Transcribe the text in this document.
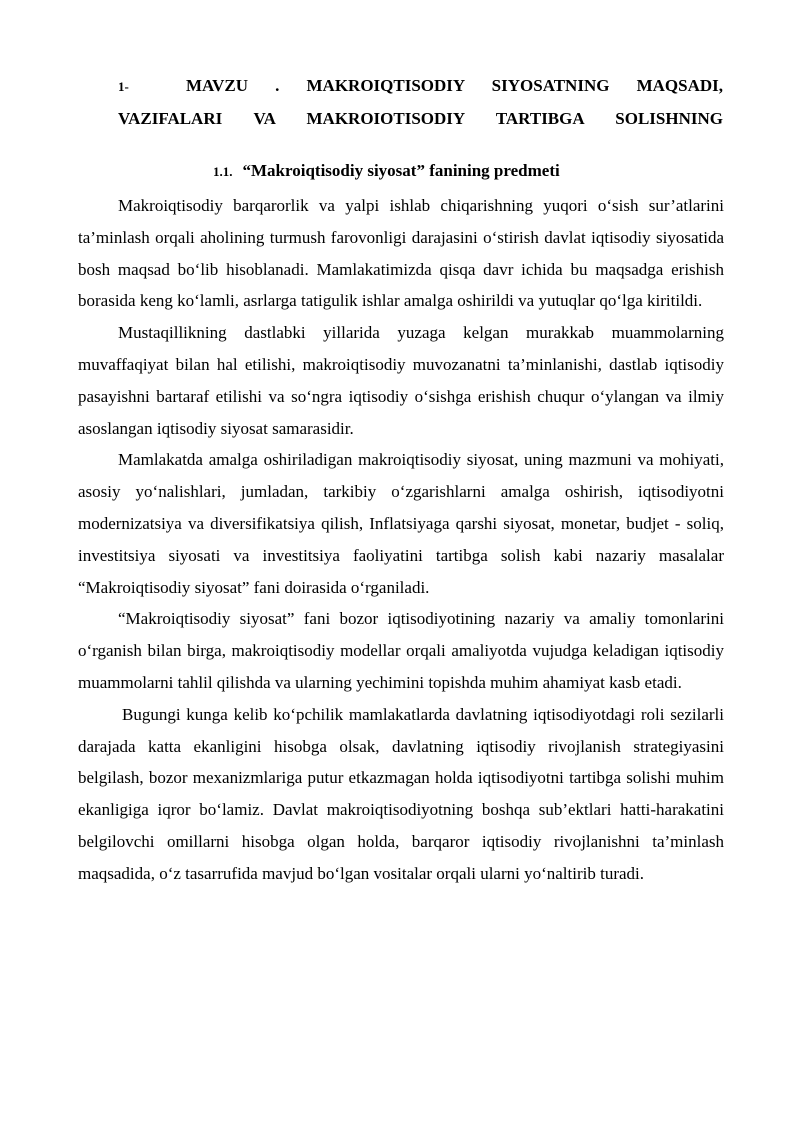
1-	MAVZU . MAKROIQTISODIY SIYOSATNING MAQSADI,
VAZIFALARI VA MAKROIOTISODIY TARTIBGA SOLISHNING
1.1. “Makroiqtisodiy siyosat” fanining predmeti

Makroiqtisodiy barqarorlik va yalpi ishlab chiqarishning yuqori o‘sish sur’atlarini ta’minlash orqali aholining turmush farovonligi darajasini o‘stirish davlat iqtisodiy siyosatida bosh maqsad bo‘lib hisoblanadi. Mamlakatimizda qisqa davr ichida bu maqsadga erishish borasida keng ko‘lamli, asrlarga tatigulik ishlar amalga oshirildi va yutuqlar qo‘lga kiritildi.

Mustaqillikning dastlabki yillarida yuzaga kelgan murakkab muammolarning muvaffaqiyat bilan hal etilishi, makroiqtisodiy muvozanatni ta’minlanishi, dastlab iqtisodiy pasayishni bartaraf etilishi va so‘ngra iqtisodiy o‘sishga erishish chuqur o‘ylangan va ilmiy asoslangan iqtisodiy siyosat samarasidir.

Mamlakatda amalga oshiriladigan makroiqtisodiy siyosat, uning mazmuni va mohiyati, asosiy yo‘nalishlari, jumladan, tarkibiy o‘zgarishlarni amalga oshirish, iqtisodiyotni modernizatsiya va diversifikatsiya qilish, Inflatsiyaga qarshi siyosat, monetar, budjet - soliq, investitsiya siyosati va investitsiya faoliyatini tartibga solish kabi nazariy masalalar “Makroiqtisodiy siyosat” fani doirasida o‘rganiladi.

“Makroiqtisodiy siyosat” fani bozor iqtisodiyotining nazariy va amaliy tomonlarini o‘rganish bilan birga, makroiqtisodiy modellar orqali amaliyotda vujudga keladigan iqtisodiy muammolarni tahlil qilishda va ularning yechimini topishda muhim ahamiyat kasb etadi.

Bugungi kunga kelib ko‘pchilik mamlakatlarda davlatning iqtisodiyotdagi roli sezilarli darajada katta ekanligini hisobga olsak, davlatning iqtisodiy rivojlanish strategiyasini belgilash, bozor mexanizmlariga putur etkazmagan holda iqtisodiyotni tartibga solishi muhim ekanligiga iqror bo‘lamiz. Davlat makroiqtisodiyotning boshqa sub’ektlari hatti-harakatini belgilovchi omillarni hisobga olgan holda, barqaror iqtisodiy rivojlanishni ta’minlash maqsadida, o‘z tasarrufida mavjud bo‘lgan vositalar orqali ularni yo‘naltirib turadi.
